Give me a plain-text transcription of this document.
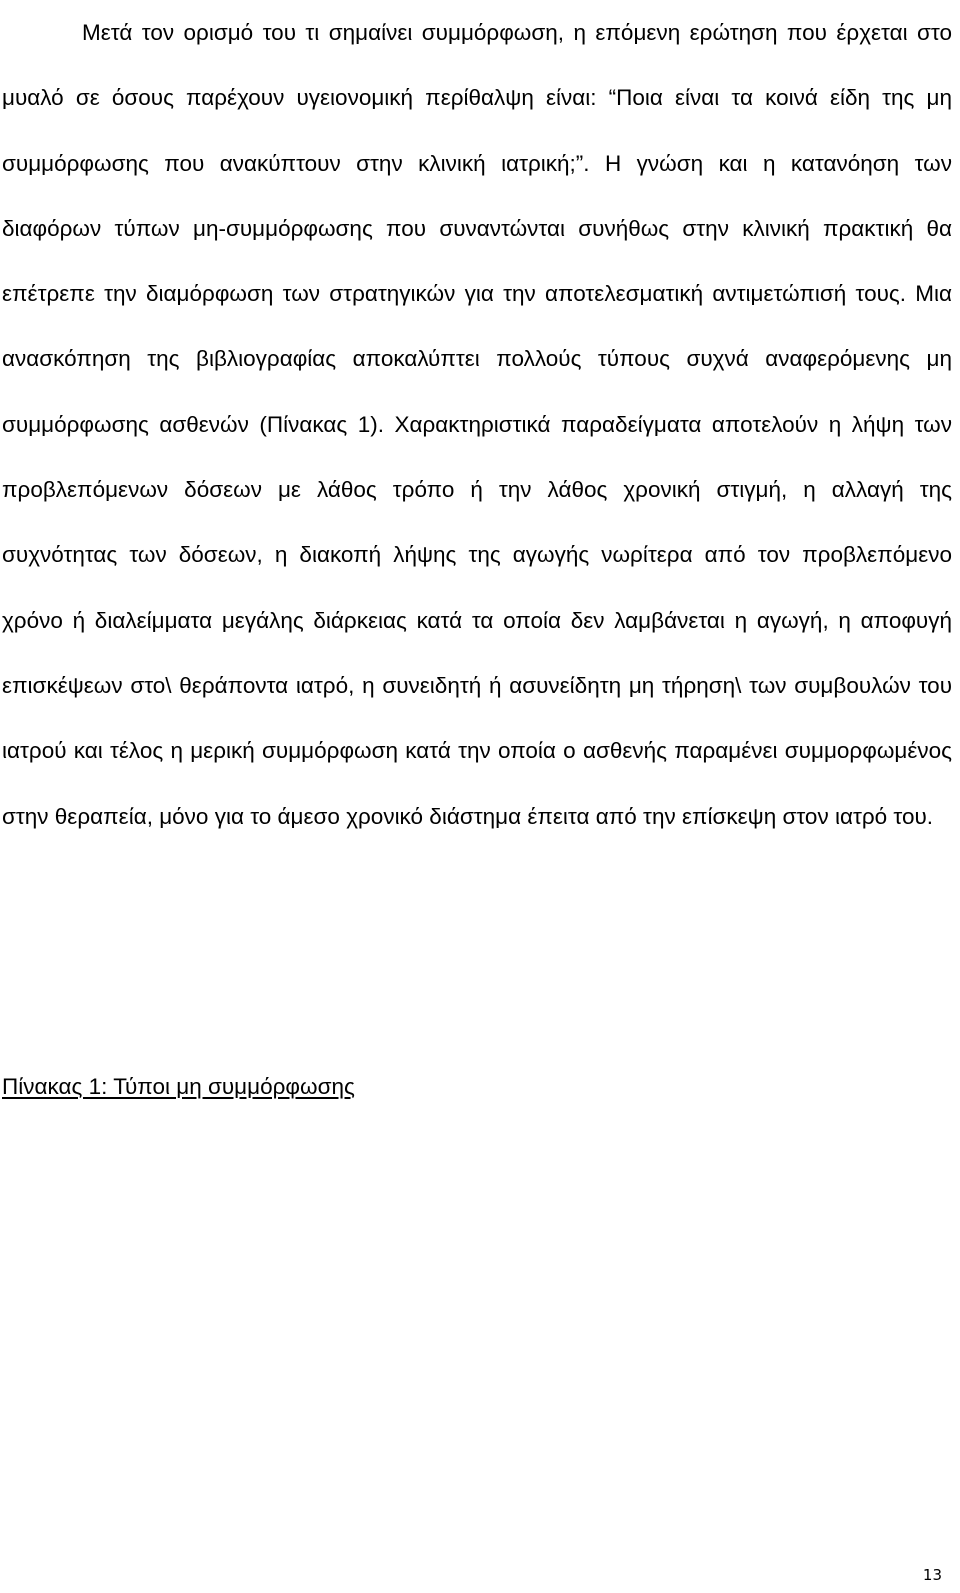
Μετά τον ορισμό του τι σημαίνει συμμόρφωση, η επόμενη ερώτηση που έρχεται στο μυαλό σε όσους παρέχουν υγειονομική περίθαλψη είναι: “Ποια είναι τα κοινά είδη της μη συμμόρφωσης που ανακύπτουν στην κλινική ιατρική;”. Η γνώση και η κατανόηση των διαφόρων τύπων μη-συμμόρφωσης που συναντώνται συνήθως στην κλινική πρακτική θα επέτρεπε την διαμόρφωση των στρατηγικών για την αποτελεσματική αντιμετώπισή τους. Μια ανασκόπηση της βιβλιογραφίας αποκαλύπτει πολλούς τύπους συχνά αναφερόμενης μη συμμόρφωσης ασθενών (Πίνακας 1). Χαρακτηριστικά παραδείγματα αποτελούν η λήψη των προβλεπόμενων δόσεων με λάθος τρόπο ή την λάθος χρονική στιγμή, η αλλαγή της συχνότητας των δόσεων, η διακοπή λήψης της αγωγής νωρίτερα από τον προβλεπόμενο χρόνο ή διαλείμματα μεγάλης διάρκειας κατά τα οποία δεν λαμβάνεται η αγωγή, η αποφυγή επισκέψεων στο\ θεράποντα ιατρό, η συνειδητή ή ασυνείδητη μη τήρηση\ των συμβουλών του ιατρού και τέλος η μερική συμμόρφωση κατά την οποία ο ασθενής παραμένει συμμορφωμένος στην θεραπεία, μόνο για το άμεσο χρονικό διάστημα έπειτα από την επίσκεψη στον ιατρό του.

Πίνακας 1: Τύποι μη συμμόρφωσης

13
